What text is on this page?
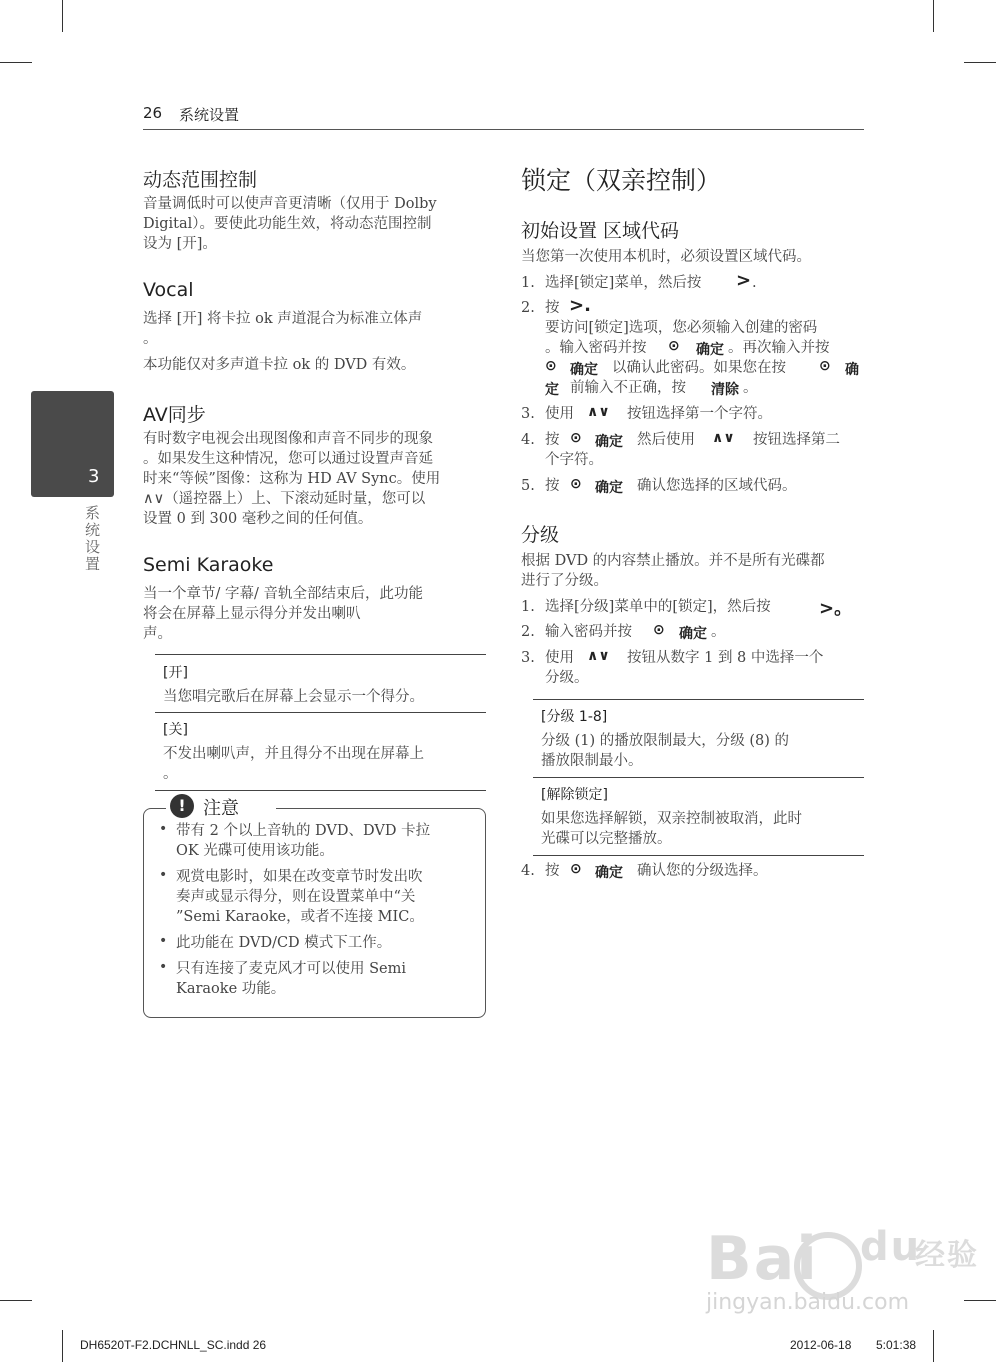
26 系统设置
3
系统设置
动态范围控制
音量调低时可以使声音更清晰（仅用于 Dolby
Digital）。要使此功能生效，将动态范围控制
设为 [开]。
Vocal
选择 [开] 将卡拉 ok 声道混合为标准立体声
。
本功能仅对多声道卡拉 ok 的 DVD 有效。
AV同步
有时数字电视会出现图像和声音不同步的现象
。如果发生这种情况，您可以通过设置声音延
时来“等候”图像：这称为 HD AV Sync。使用
∧∨（遥控器上）上、下滚动延时量，您可以
设置 0 到 300 毫秒之间的任何值。
Semi Karaoke
当一个章节/ 字幕/ 音轨全部结束后，此功能
将会在屏幕上显示得分并发出喇叭
声。
[开]
当您唱完歌后在屏幕上会显示一个得分。
[关]
不发出喇叭声，并且得分不出现在屏幕上
。
! 注意
• 带有 2 个以上音轨的 DVD、DVD 卡拉
OK 光碟可使用该功能。
• 观赏电影时，如果在改变章节时发出吹
奏声或显示得分，则在设置菜单中“关
”Semi Karaoke，或者不连接 MIC。
• 此功能在 DVD/CD 模式下工作。
• 只有连接了麦克风才可以使用 Semi
Karaoke 功能。
锁定（双亲控制）
初始设置 区域代码
当您第一次使用本机时，必须设置区域代码。
1. 选择[锁定]菜单，然后按 > .
2. 按 >.
要访问[锁定]选项，您必须输入创建的密码
。输入密码并按 ⊙ 确定 。再次输入并按
⊙ 确定 以确认此密码。如果您在按 ⊙ 确
定 前输入不正确，按 清除 。
3. 使用 ∧∨ 按钮选择第一个字符。
4. 按 ⊙ 确定 然后使用 ∧∨ 按钮选择第二
个字符。
5. 按 ⊙ 确定 确认您选择的区域代码。
分级
根据 DVD 的内容禁止播放。并不是所有光碟都
进行了分级。
1. 选择[分级]菜单中的[锁定]，然后按	>。
2. 输入密码并按 ⊙ 确定 。
3. 使用 ∧∨ 按钮从数字 1 到 8 中选择一个
分级。
[分级 1-8]
分级 (1) 的播放限制最大，分级 (8) 的
播放限制最小。
[解除锁定]
如果您选择解锁，双亲控制被取消，此时
光碟可以完整播放。
4. 按 ⊙ 确定 确认您的分级选择。
Bai du
经验
jingyan.baidu.com
DH6520T-F2.DCHNLL_SC.indd 26	2012-06-18 5:01:38
